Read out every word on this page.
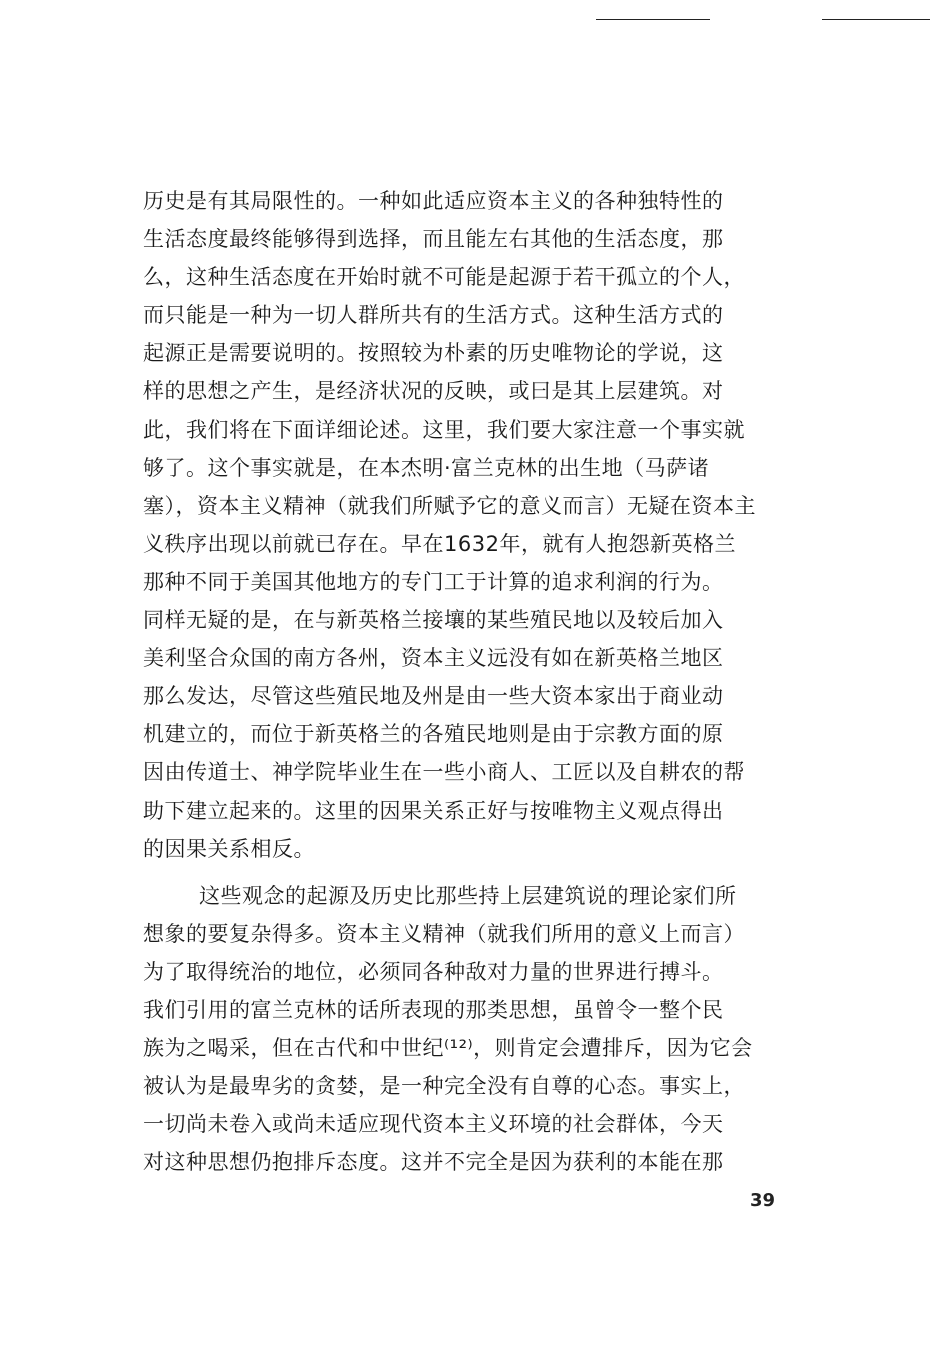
历史是有其局限性的。一种如此适应资本主义的各种独特性的
生活态度最终能够得到选择，而且能左右其他的生活态度，那
么，这种生活态度在开始时就不可能是起源于若干孤立的个人，
而只能是一种为一切人群所共有的生活方式。这种生活方式的
起源正是需要说明的。按照较为朴素的历史唯物论的学说，这
样的思想之产生，是经济状况的反映，或曰是其上层建筑。对
此，我们将在下面详细论述。这里，我们要大家注意一个事实就
够了。这个事实就是，在本杰明·富兰克林的出生地（马萨诸
塞），资本主义精神（就我们所赋予它的意义而言）无疑在资本主
义秩序出现以前就已存在。早在1632年，就有人抱怨新英格兰
那种不同于美国其他地方的专门工于计算的追求利润的行为。
同样无疑的是，在与新英格兰接壤的某些殖民地以及较后加入
美利坚合众国的南方各州，资本主义远没有如在新英格兰地区
那么发达，尽管这些殖民地及州是由一些大资本家出于商业动
机建立的，而位于新英格兰的各殖民地则是由于宗教方面的原
因由传道士、神学院毕业生在一些小商人、工匠以及自耕农的帮
助下建立起来的。这里的因果关系正好与按唯物主义观点得出
的因果关系相反。
这些观念的起源及历史比那些持上层建筑说的理论家们所
想象的要复杂得多。资本主义精神（就我们所用的意义上而言）
为了取得统治的地位，必须同各种敌对力量的世界进行搏斗。
我们引用的富兰克林的话所表现的那类思想，虽曾令一整个民
族为之喝采，但在古代和中世纪⁽¹²⁾，则肯定会遭排斥，因为它会
被认为是最卑劣的贪婪，是一种完全没有自尊的心态。事实上，
一切尚未卷入或尚未适应现代资本主义环境的社会群体，今天
对这种思想仍抱排斥态度。这并不完全是因为获利的本能在那
39
